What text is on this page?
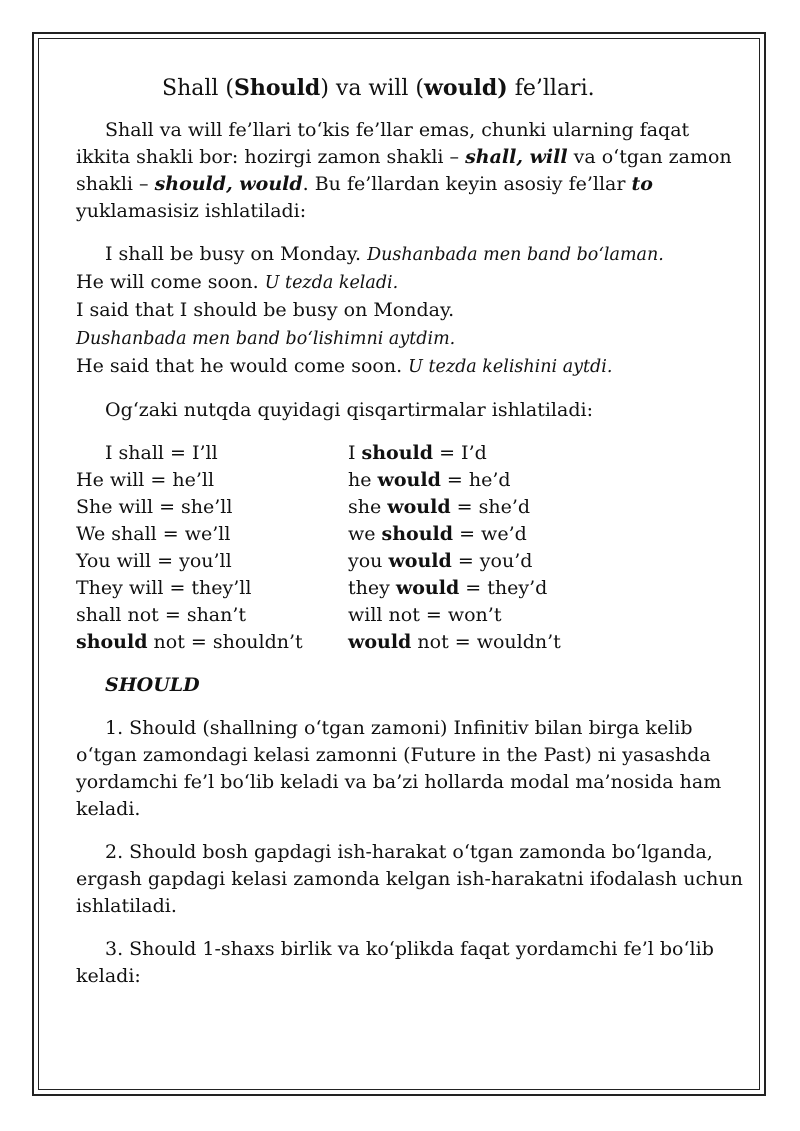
Shall (Should) va will (would) fe’llari.

Shall va will fe’llari to‘kis fe’llar emas, chunki ularning faqat ikkita shakli bor: hozirgi zamon shakli – shall, will va o‘tgan zamon shakli – should, would. Bu fe’llardan keyin asosiy fe’llar to yuklamasisiz ishlatiladi:

I shall be busy on Monday. Dushanbada men band bo‘laman.

He will come soon. U tezda keladi.

I said that I should be busy on Monday.

Dushanbada men band bo‘lishimni aytdim.

He said that he would come soon. U tezda kelishini aytdi.

Og‘zaki nutqda quyidagi qisqartirmalar ishlatiladi:

I shall = I’ll	I should = I’d
He will = he’ll	he would = he’d
She will = she’ll	she would = she’d
We shall = we’ll	we should = we’d
You will = you’ll	you would = you’d
They will = they’ll	they would = they’d
shall not = shan’t	will not = won’t
should not = shouldn’t	would not = wouldn’t

SHOULD

1. Should (shallning o‘tgan zamoni) Infinitiv bilan birga kelib o‘tgan zamondagi kelasi zamonni (Future in the Past) ni yasashda yordamchi fe’l bo‘lib keladi va ba’zi hollarda modal ma’nosida ham keladi.

2. Should bosh gapdagi ish-harakat o‘tgan zamonda bo‘lganda, ergash gapdagi kelasi zamonda kelgan ish-harakatni ifodalash uchun ishlatiladi.

3. Should 1-shaxs birlik va ko‘plikda faqat yordamchi fe’l bo‘lib keladi:
